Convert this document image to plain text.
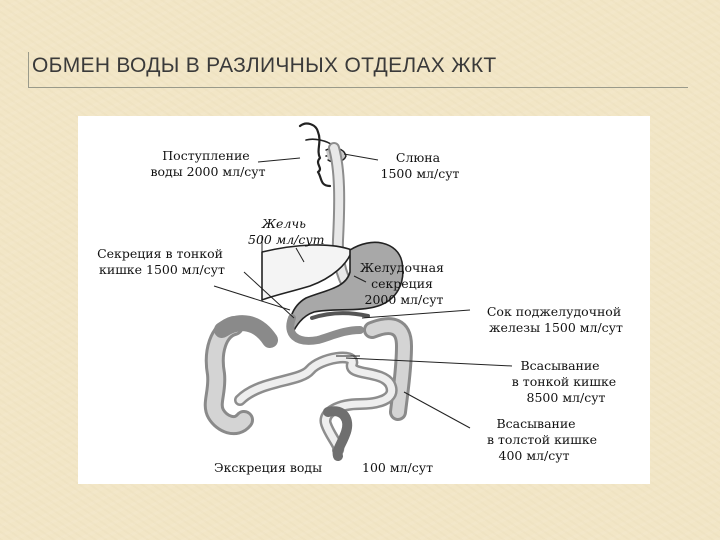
ОБМЕН ВОДЫ В РАЗЛИЧНЫХ ОТДЕЛАХ ЖКТ
Поступление воды 2000 мл/сут
Слюна 1500 мл/сут
Желчь 500 мл/сут
Секреция в тонкой кишке 1500 мл/сут	Желудочная секреция 2000 мл/сут
Сок поджелудочной железы 1500 мл/сут
Всасывание в тонкой кишке 8500 мл/сут
Всасывание в толстой кишке 400 мл/сут
Экскреция воды	100 мл/сут
